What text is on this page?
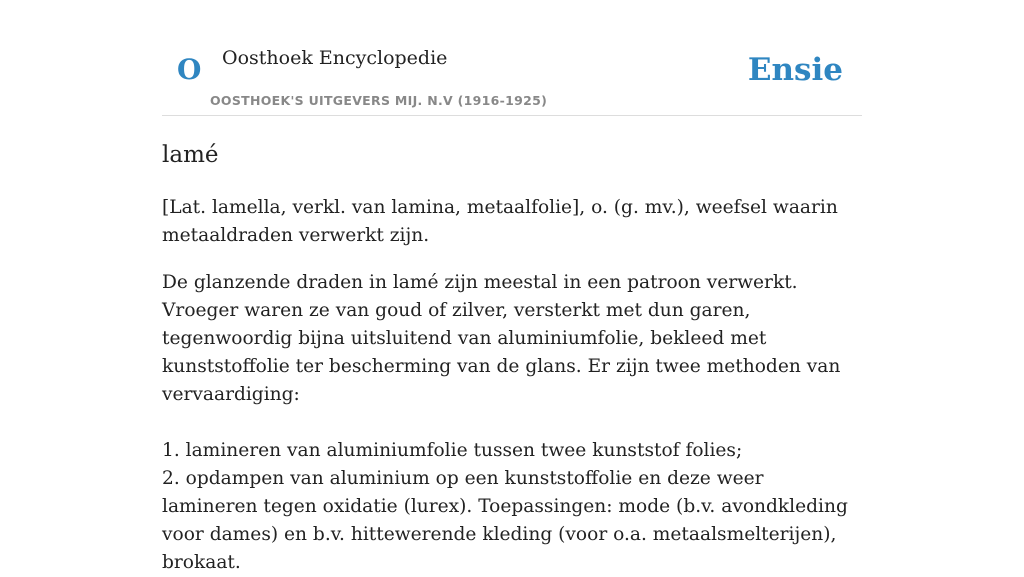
O Oosthoek Encyclopedie
OOSTHOEK'S UITGEVERS MIJ. N.V (1916-1925)
Ensie
lamé

[Lat. lamella, verkl. van lamina, metaalfolie], o. (g. mv.), weefsel waarin metaaldraden verwerkt zijn.

De glanzende draden in lamé zijn meestal in een patroon verwerkt. Vroeger waren ze van goud of zilver, versterkt met dun garen, tegenwoordig bijna uitsluitend van aluminiumfolie, bekleed met kunststoffolie ter bescherming van de glans. Er zijn twee methoden van vervaardiging:

1. lamineren van aluminiumfolie tussen twee kunststof folies;
2. opdampen van aluminium op een kunststoffolie en deze weer lamineren tegen oxidatie (lurex). Toepassingen: mode (b.v. avondkleding voor dames) en b.v. hittewerende kleding (voor o.a. metaalsmelterijen), brokaat.
